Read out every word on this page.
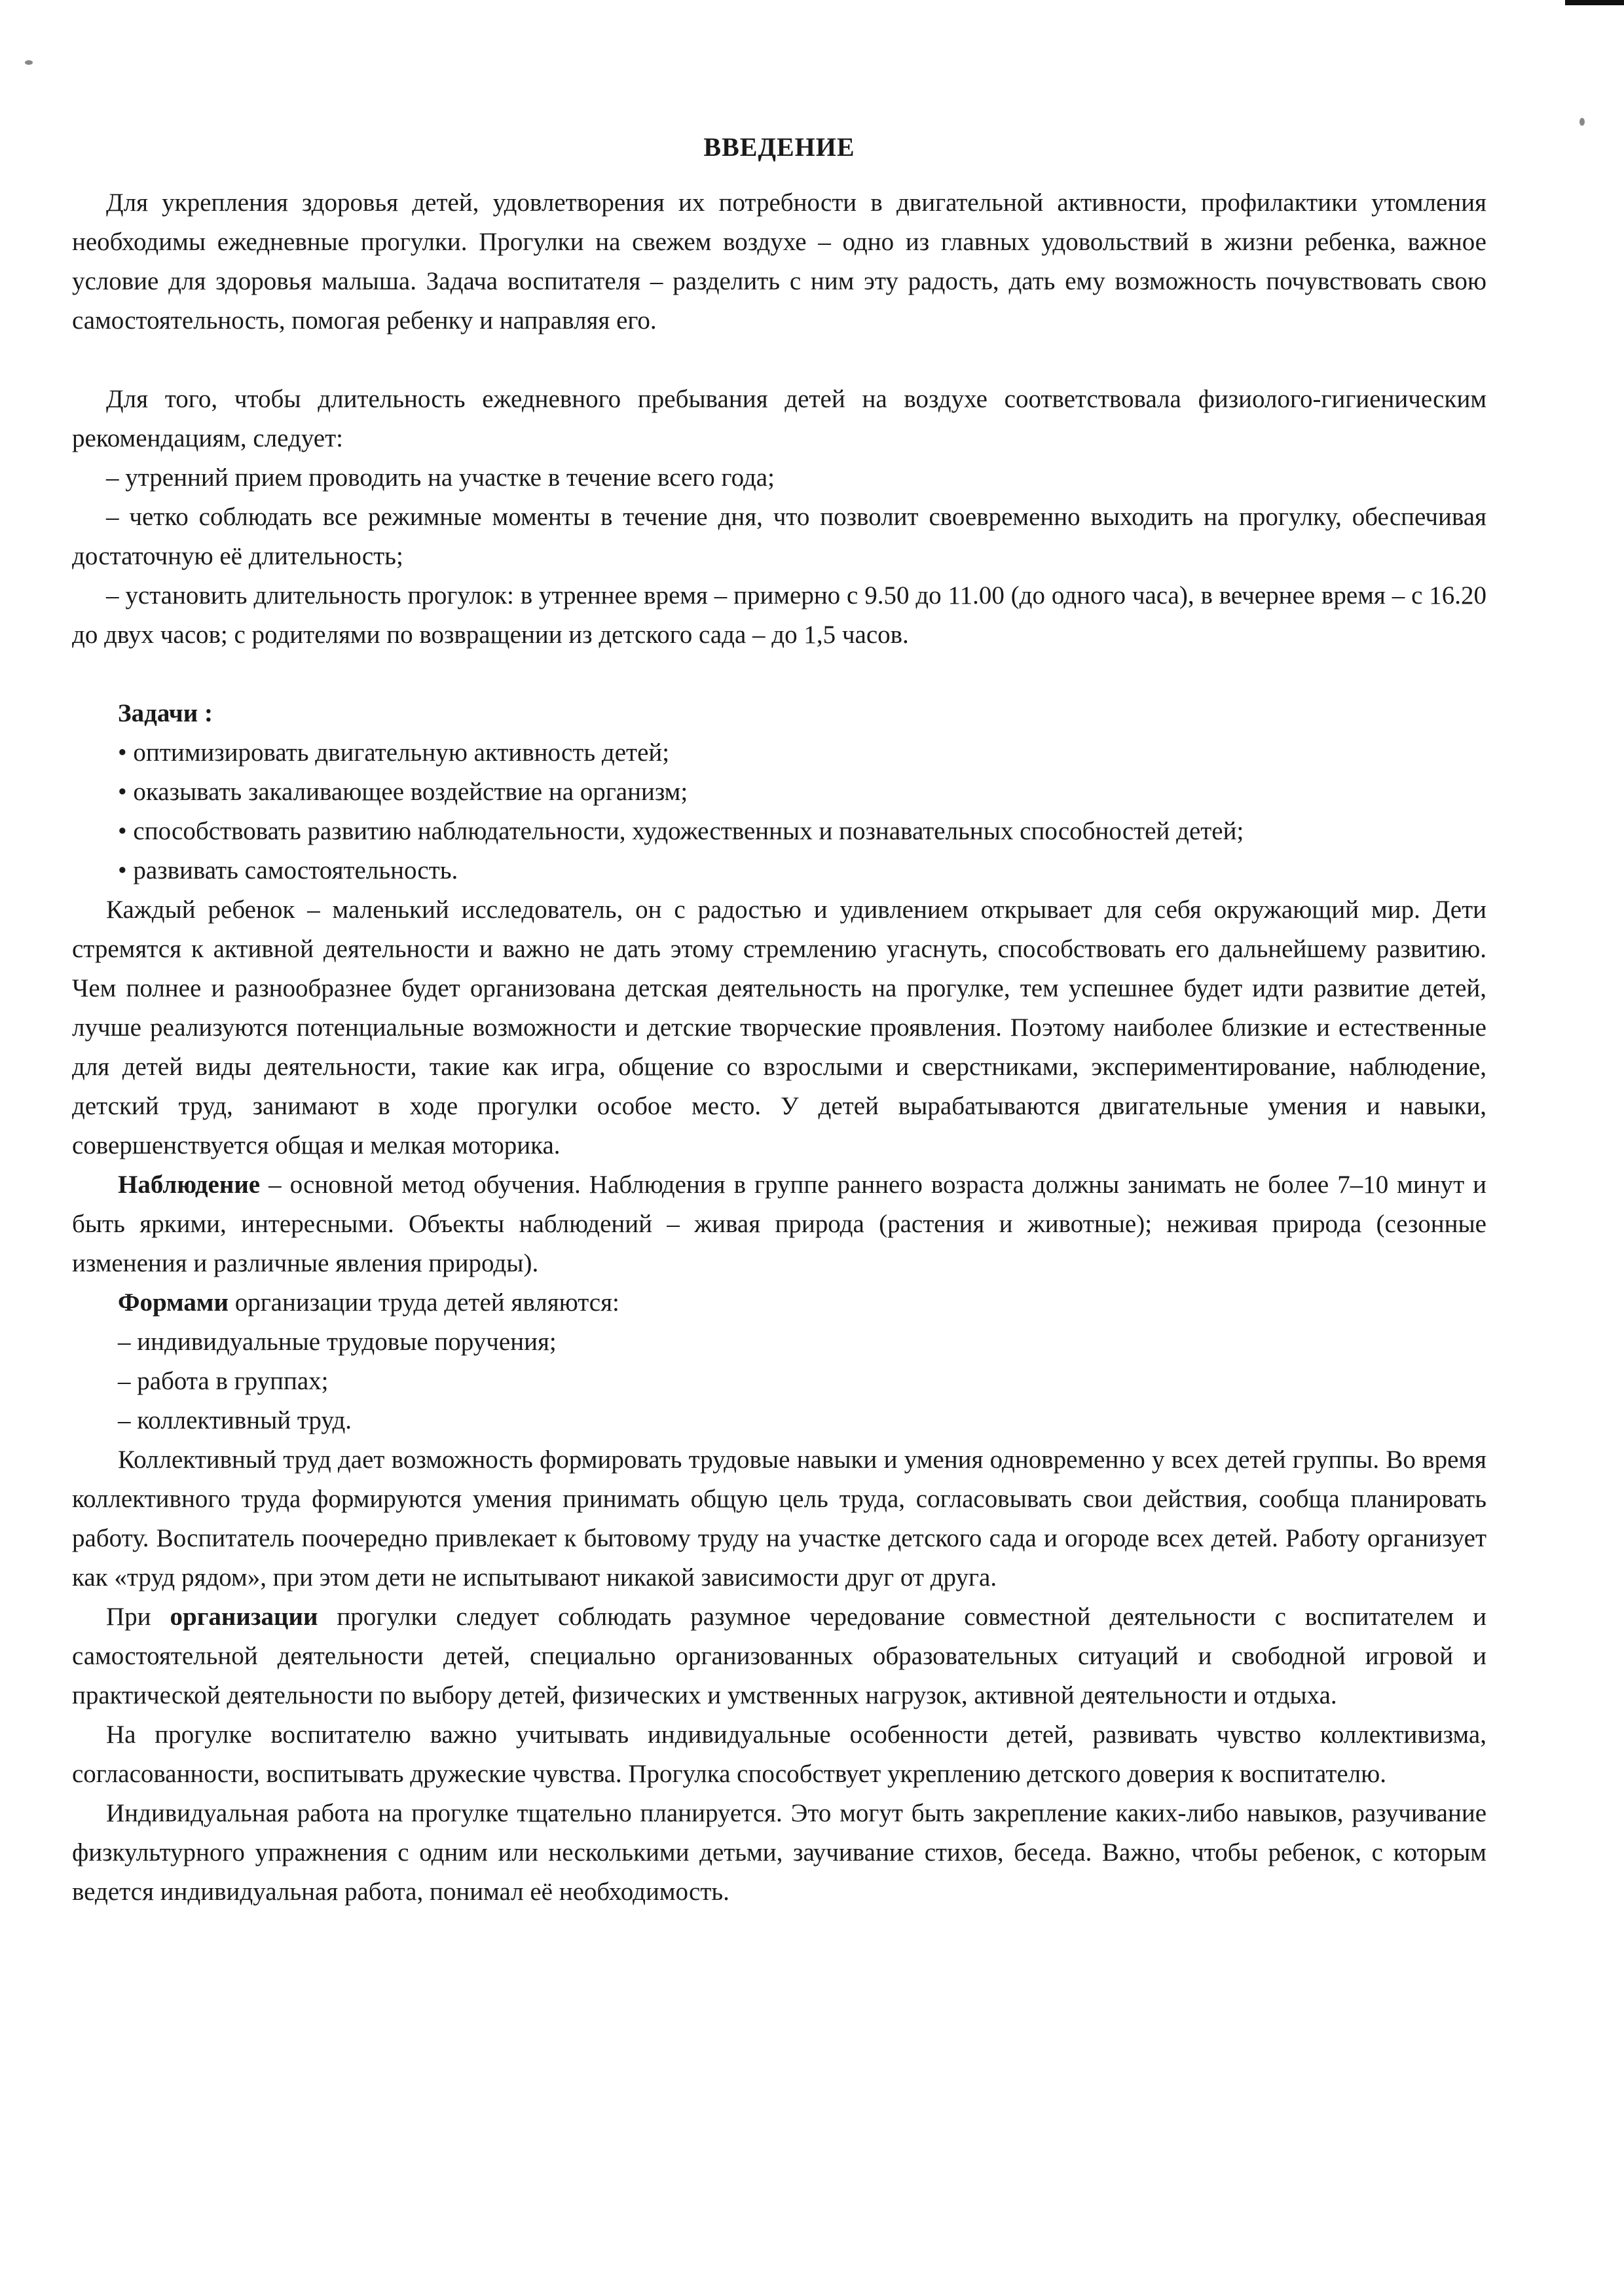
ВВЕДЕНИЕ

Для укрепления здоровья детей, удовлетворения их потребности в двигательной активности, профилактики утомления необходимы ежедневные прогулки. Прогулки на свежем воздухе – одно из главных удовольствий в жизни ребенка, важное условие для здоровья малыша. Задача воспитателя – разделить с ним эту радость, дать ему возможность почувствовать свою самостоятельность, помогая ребенку и направляя его.

Для того, чтобы длительность ежедневного пребывания детей на воздухе соответствовала физиолого-гигиеническим рекомендациям, следует:

– утренний прием проводить на участке в течение всего года;

– четко соблюдать все режимные моменты в течение дня, что позволит своевременно выходить на прогулку, обеспечивая достаточную её длительность;

– установить длительность прогулок: в утреннее время – примерно с 9.50 до 11.00 (до одного часа), в вечернее время – с 16.20 до двух часов; с родителями по возвращении из детского сада – до 1,5 часов.

Задачи :
• оптимизировать двигательную активность детей;
• оказывать закаливающее воздействие на организм;
• способствовать развитию наблюдательности, художественных и познавательных способностей детей;
• развивать самостоятельность.

Каждый ребенок – маленький исследователь, он с радостью и удивлением открывает для себя окружающий мир. Дети стремятся к активной деятельности и важно не дать этому стремлению угаснуть, способствовать его дальнейшему развитию. Чем полнее и разнообразнее будет организована детская деятельность на прогулке, тем успешнее будет идти развитие детей, лучше реализуются потенциальные возможности и детские творческие проявления. Поэтому наиболее близкие и естественные для детей виды деятельности, такие как игра, общение со взрослыми и сверстниками, экспериментирование, наблюдение, детский труд, занимают в ходе прогулки особое место. У детей вырабатываются двигательные умения и навыки, совершенствуется общая и мелкая моторика.

Наблюдение – основной метод обучения. Наблюдения в группе раннего возраста должны занимать не более 7–10 минут и быть яркими, интересными. Объекты наблюдений – живая природа (растения и животные); неживая природа (сезонные изменения и различные явления природы).

Формами организации труда детей являются:

– индивидуальные трудовые поручения;
– работа в группах;
– коллективный труд.

Коллективный труд дает возможность формировать трудовые навыки и умения одновременно у всех детей группы. Во время коллективного труда формируются умения принимать общую цель труда, согласовывать свои действия, сообща планировать работу. Воспитатель поочередно привлекает к бытовому труду на участке детского сада и огороде всех детей. Работу организует как «труд рядом», при этом дети не испытывают никакой зависимости друг от друга.

При организации прогулки следует соблюдать разумное чередование совместной деятельности с воспитателем и самостоятельной деятельности детей, специально организованных образовательных ситуаций и свободной игровой и практической деятельности по выбору детей, физических и умственных нагрузок, активной деятельности и отдыха.

На прогулке воспитателю важно учитывать индивидуальные особенности детей, развивать чувство коллективизма, согласованности, воспитывать дружеские чувства. Прогулка способствует укреплению детского доверия к воспитателю.

Индивидуальная работа на прогулке тщательно планируется. Это могут быть закрепление каких-либо навыков, разучивание физкультурного упражнения с одним или несколькими детьми, заучивание стихов, беседа. Важно, чтобы ребенок, с которым ведется индивидуальная работа, понимал её необходимость.
